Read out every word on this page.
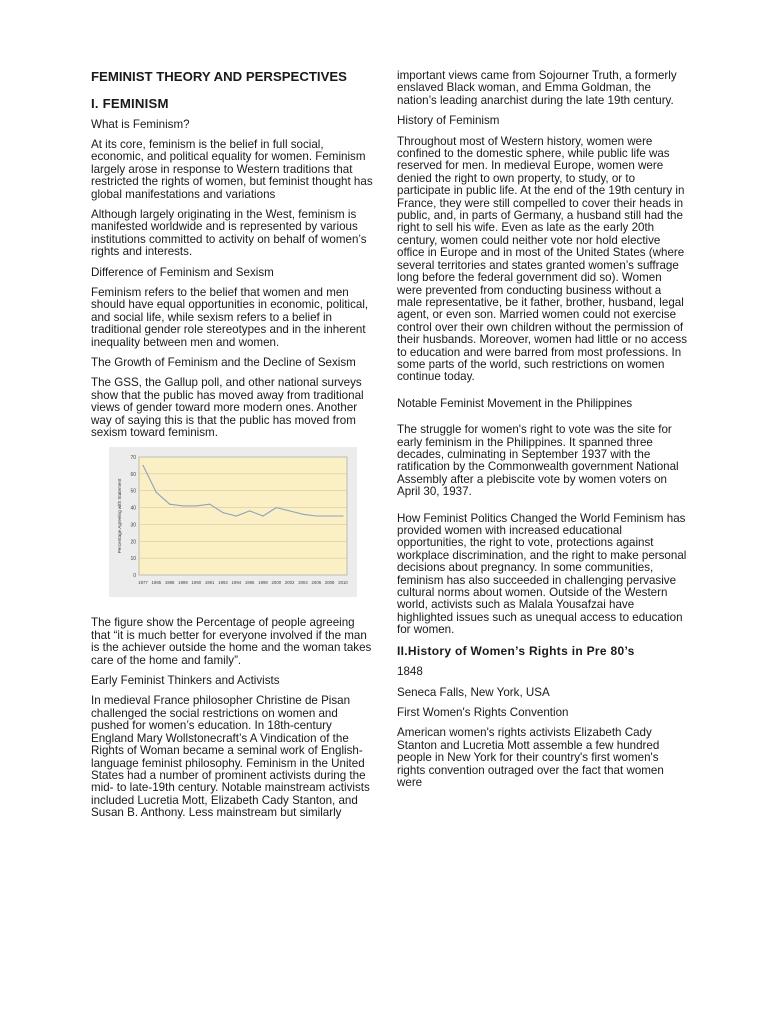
FEMINIST THEORY AND PERSPECTIVES
I. FEMINISM
What is Feminism?

At its core, feminism is the belief in full social, economic, and political equality for women. Feminism largely arose in response to Western traditions that restricted the rights of women, but feminist thought has global manifestations and variations

Although largely originating in the West, feminism is manifested worldwide and is represented by various institutions committed to activity on behalf of women’s rights and interests.

Difference of Feminism and Sexism

Feminism refers to the belief that women and men should have equal opportunities in economic, political, and social life, while sexism refers to a belief in traditional gender role stereotypes and in the inherent inequality between men and women.

The Growth of Feminism and the Decline of Sexism

The GSS, the Gallup poll, and other national surveys show that the public has moved away from traditional views of gender toward more modern ones. Another way of saying this is that the public has moved from sexism toward feminism.

0
10
20
30
40
50
60
70
1977 1985 1988 1989 1990 1991 1993 1994 1996 1998 2000 2002 2004 2006 2008 2010
Percentage Agreeing with Statement

The figure show the Percentage of people agreeing that “it is much better for everyone involved if the man is the achiever outside the home and the woman takes care of the home and family”.

Early Feminist Thinkers and Activists

In medieval France philosopher Christine de Pisan challenged the social restrictions on women and pushed for women’s education. In 18th-century England Mary Wollstonecraft’s A Vindication of the Rights of Woman became a seminal work of English-language feminist philosophy. Feminism in the United States had a number of prominent activists during the mid- to late-19th century. Notable mainstream activists included Lucretia Mott, Elizabeth Cady Stanton, and Susan B. Anthony. Less mainstream but similarly

important views came from Sojourner Truth, a formerly enslaved Black woman, and Emma Goldman, the nation’s leading anarchist during the late 19th century.

History of Feminism

Throughout most of Western history, women were confined to the domestic sphere, while public life was reserved for men. In medieval Europe, women were denied the right to own property, to study, or to participate in public life. At the end of the 19th century in France, they were still compelled to cover their heads in public, and, in parts of Germany, a husband still had the right to sell his wife. Even as late as the early 20th century, women could neither vote nor hold elective office in Europe and in most of the United States (where several territories and states granted women’s suffrage long before the federal government did so). Women were prevented from conducting business without a male representative, be it father, brother, husband, legal agent, or even son. Married women could not exercise control over their own children without the permission of their husbands. Moreover, women had little or no access to education and were barred from most professions. In some parts of the world, such restrictions on women continue today.

Notable Feminist Movement in the Philippines

The struggle for women's right to vote was the site for early feminism in the Philippines. It spanned three decades, culminating in September 1937 with the ratification by the Commonwealth government National Assembly after a plebiscite vote by women voters on April 30, 1937.

How Feminist Politics Changed the World Feminism has provided women with increased educational opportunities, the right to vote, protections against workplace discrimination, and the right to make personal decisions about pregnancy. In some communities, feminism has also succeeded in challenging pervasive cultural norms about women. Outside of the Western world, activists such as Malala Yousafzai have highlighted issues such as unequal access to education for women.

II.History of Women’s Rights in Pre 80’s

1848

Seneca Falls, New York, USA

First Women's Rights Convention

American women's rights activists Elizabeth Cady Stanton and Lucretia Mott assemble a few hundred people in New York for their country's first women's rights convention outraged over the fact that women were
